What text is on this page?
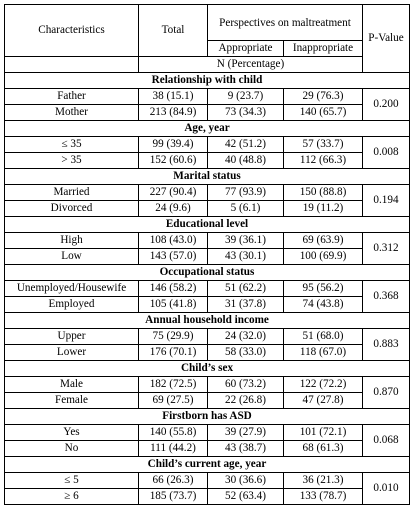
Characteristics	Total	Perspectives on maltreatment		P-Value
		Appropriate	Inappropriate	
	N (Percentage)			
Relationship with child				
Father	38 (15.1)	9 (23.7)	29 (76.3)	0.200
Mother	213 (84.9)	73 (34.3)	140 (65.7)	
Age, year				
≤ 35	99 (39.4)	42 (51.2)	57 (33.7)	0.008
> 35	152 (60.6)	40 (48.8)	112 (66.3)	
Marital status				
Married	227 (90.4)	77 (93.9)	150 (88.8)	0.194
Divorced	24 (9.6)	5 (6.1)	19 (11.2)	
Educational level				
High	108 (43.0)	39 (36.1)	69 (63.9)	0.312
Low	143 (57.0)	43 (30.1)	100 (69.9)	
Occupational status				
Unemployed/Housewife	146 (58.2)	51 (62.2)	95 (56.2)	0.368
Employed	105 (41.8)	31 (37.8)	74 (43.8)	
Annual household income				
Upper	75 (29.9)	24 (32.0)	51 (68.0)	0.883
Lower	176 (70.1)	58 (33.0)	118 (67.0)	
Child’s sex				
Male	182 (72.5)	60 (73.2)	122 (72.2)	0.870
Female	69 (27.5)	22 (26.8)	47 (27.8)	
Firstborn has ASD				
Yes	140 (55.8)	39 (27.9)	101 (72.1)	0.068
No	111 (44.2)	43 (38.7)	68 (61.3)	
Child’s current age, year				
≤ 5	66 (26.3)	30 (36.6)	36 (21.3)	0.010
≥ 6	185 (73.7)	52 (63.4)	133 (78.7)	
